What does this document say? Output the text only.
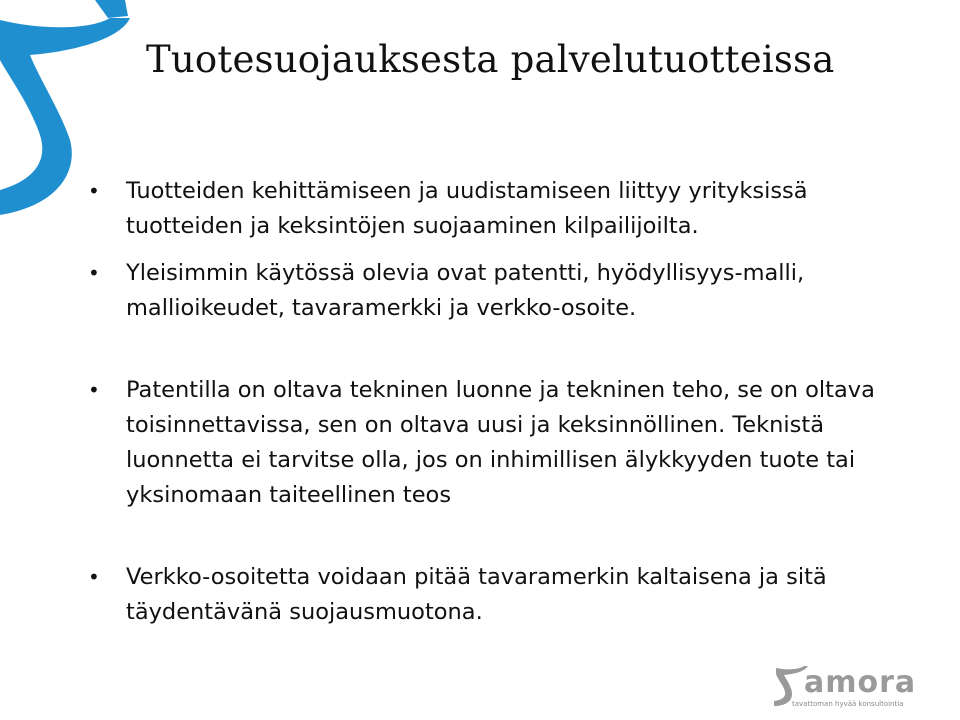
Tuotesuojauksesta palvelutuotteissa
• Tuotteiden kehittämiseen ja uudistamiseen liittyy yrityksissä tuotteiden ja keksintöjen suojaaminen kilpailijoilta.
• Yleisimmin käytössä olevia ovat patentti, hyödyllisyys-malli, mallioikeudet, tavaramerkki ja verkko-osoite.
• Patentilla on oltava tekninen luonne ja tekninen teho, se on oltava toisinnettavissa, sen on oltava uusi ja keksinnöllinen. Teknistä luonnetta ei tarvitse olla, jos on inhimillisen älykkyyden tuote tai yksinomaan taiteellinen teos
• Verkko-osoitetta voidaan pitää tavaramerkin kaltaisena ja sitä täydentävänä suojausmuotona.
amora
tavattoman hyvää konsultointia
